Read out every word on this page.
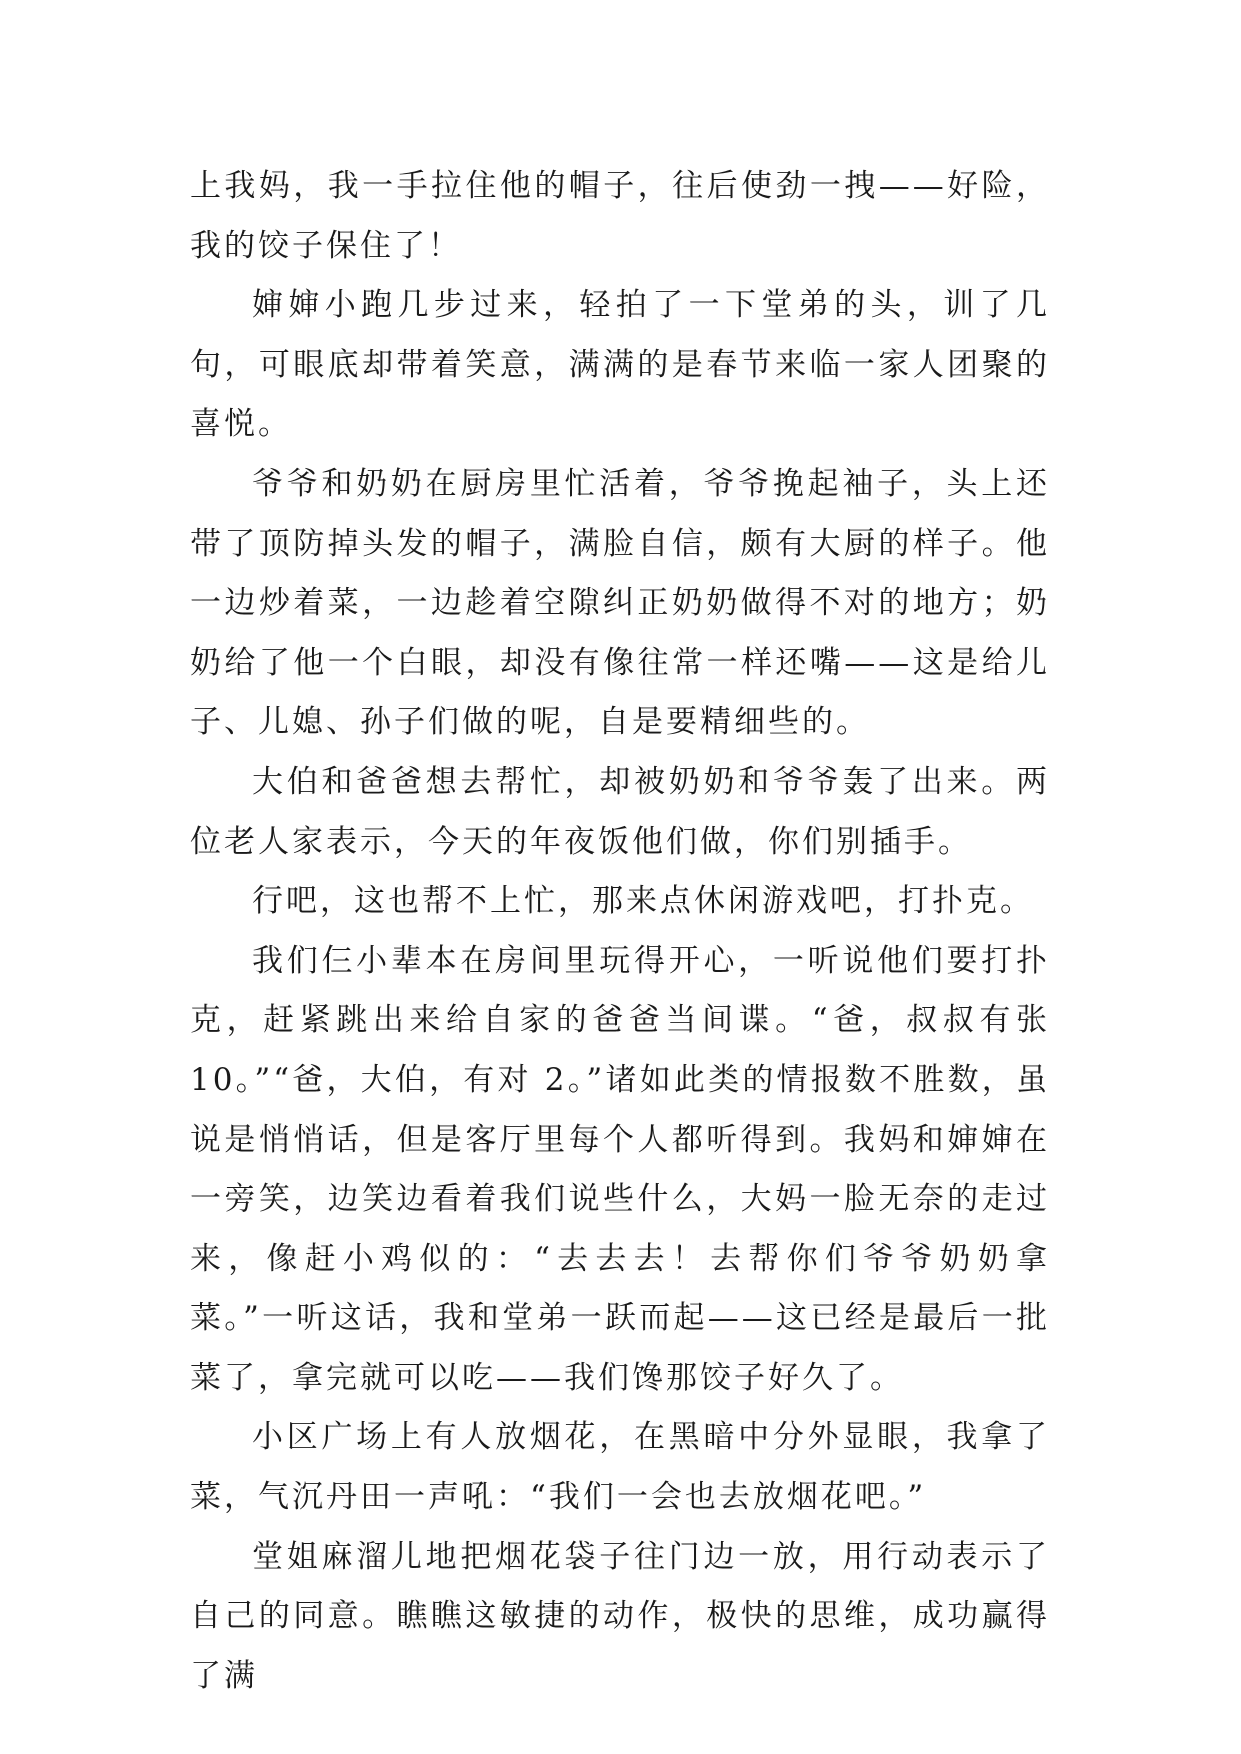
上我妈，我一手拉住他的帽子，往后使劲一拽——好险，我的饺子保住了！

婶婶小跑几步过来，轻拍了一下堂弟的头，训了几句，可眼底却带着笑意，满满的是春节来临一家人团聚的喜悦。

爷爷和奶奶在厨房里忙活着，爷爷挽起袖子，头上还带了顶防掉头发的帽子，满脸自信，颇有大厨的样子。他一边炒着菜，一边趁着空隙纠正奶奶做得不对的地方；奶奶给了他一个白眼，却没有像往常一样还嘴——这是给儿子、儿媳、孙子们做的呢，自是要精细些的。

大伯和爸爸想去帮忙，却被奶奶和爷爷轰了出来。两位老人家表示，今天的年夜饭他们做，你们别插手。

行吧，这也帮不上忙，那来点休闲游戏吧，打扑克。

我们仨小辈本在房间里玩得开心，一听说他们要打扑克，赶紧跳出来给自家的爸爸当间谍。“爸，叔叔有张 10。”“爸，大伯，有对 2。”诸如此类的情报数不胜数，虽说是悄悄话，但是客厅里每个人都听得到。我妈和婶婶在一旁笑，边笑边看着我们说些什么，大妈一脸无奈的走过来，像赶小鸡似的：“去去去！去帮你们爷爷奶奶拿菜。”一听这话，我和堂弟一跃而起——这已经是最后一批菜了，拿完就可以吃——我们馋那饺子好久了。

小区广场上有人放烟花，在黑暗中分外显眼，我拿了菜，气沉丹田一声吼：“我们一会也去放烟花吧。”

堂姐麻溜儿地把烟花袋子往门边一放，用行动表示了自己的同意。瞧瞧这敏捷的动作，极快的思维，成功赢得了满
